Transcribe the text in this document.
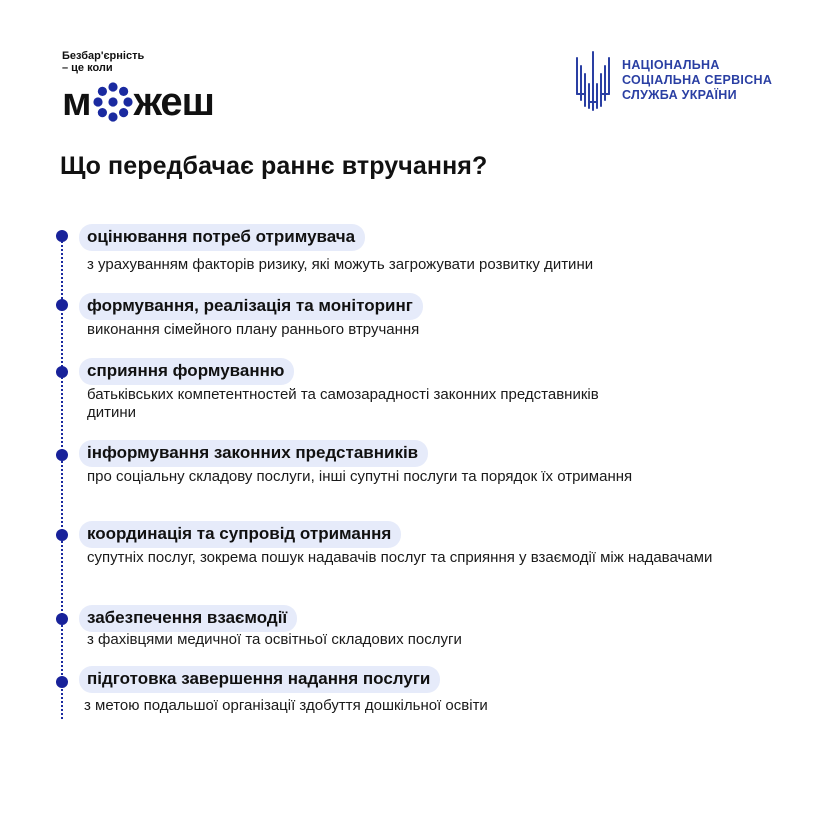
Безбар'єрність
– це коли
м жеш
НАЦІОНАЛЬНА
СОЦІАЛЬНА СЕРВІСНА
СЛУЖБА УКРАЇНИ
Що передбачає раннє втручання?
оцінювання потреб отримувача
з урахуванням факторів ризику, які можуть загрожувати розвитку дитини
формування, реалізація та моніторинг
виконання сімейного плану раннього втручання
сприяння формуванню
батьківських компетентностей та самозарадності законних представників дитини
інформування законних представників
про соціальну складову послуги, інші супутні послуги та порядок їх отримання
координація та супровід отримання
супутніх послуг, зокрема пошук надавачів послуг та сприяння у взаємодії між надавачами
забезпечення взаємодії
з фахівцями медичної та освітньої складових послуги
підготовка завершення надання послуги
з метою подальшої організації здобуття дошкільної освіти
